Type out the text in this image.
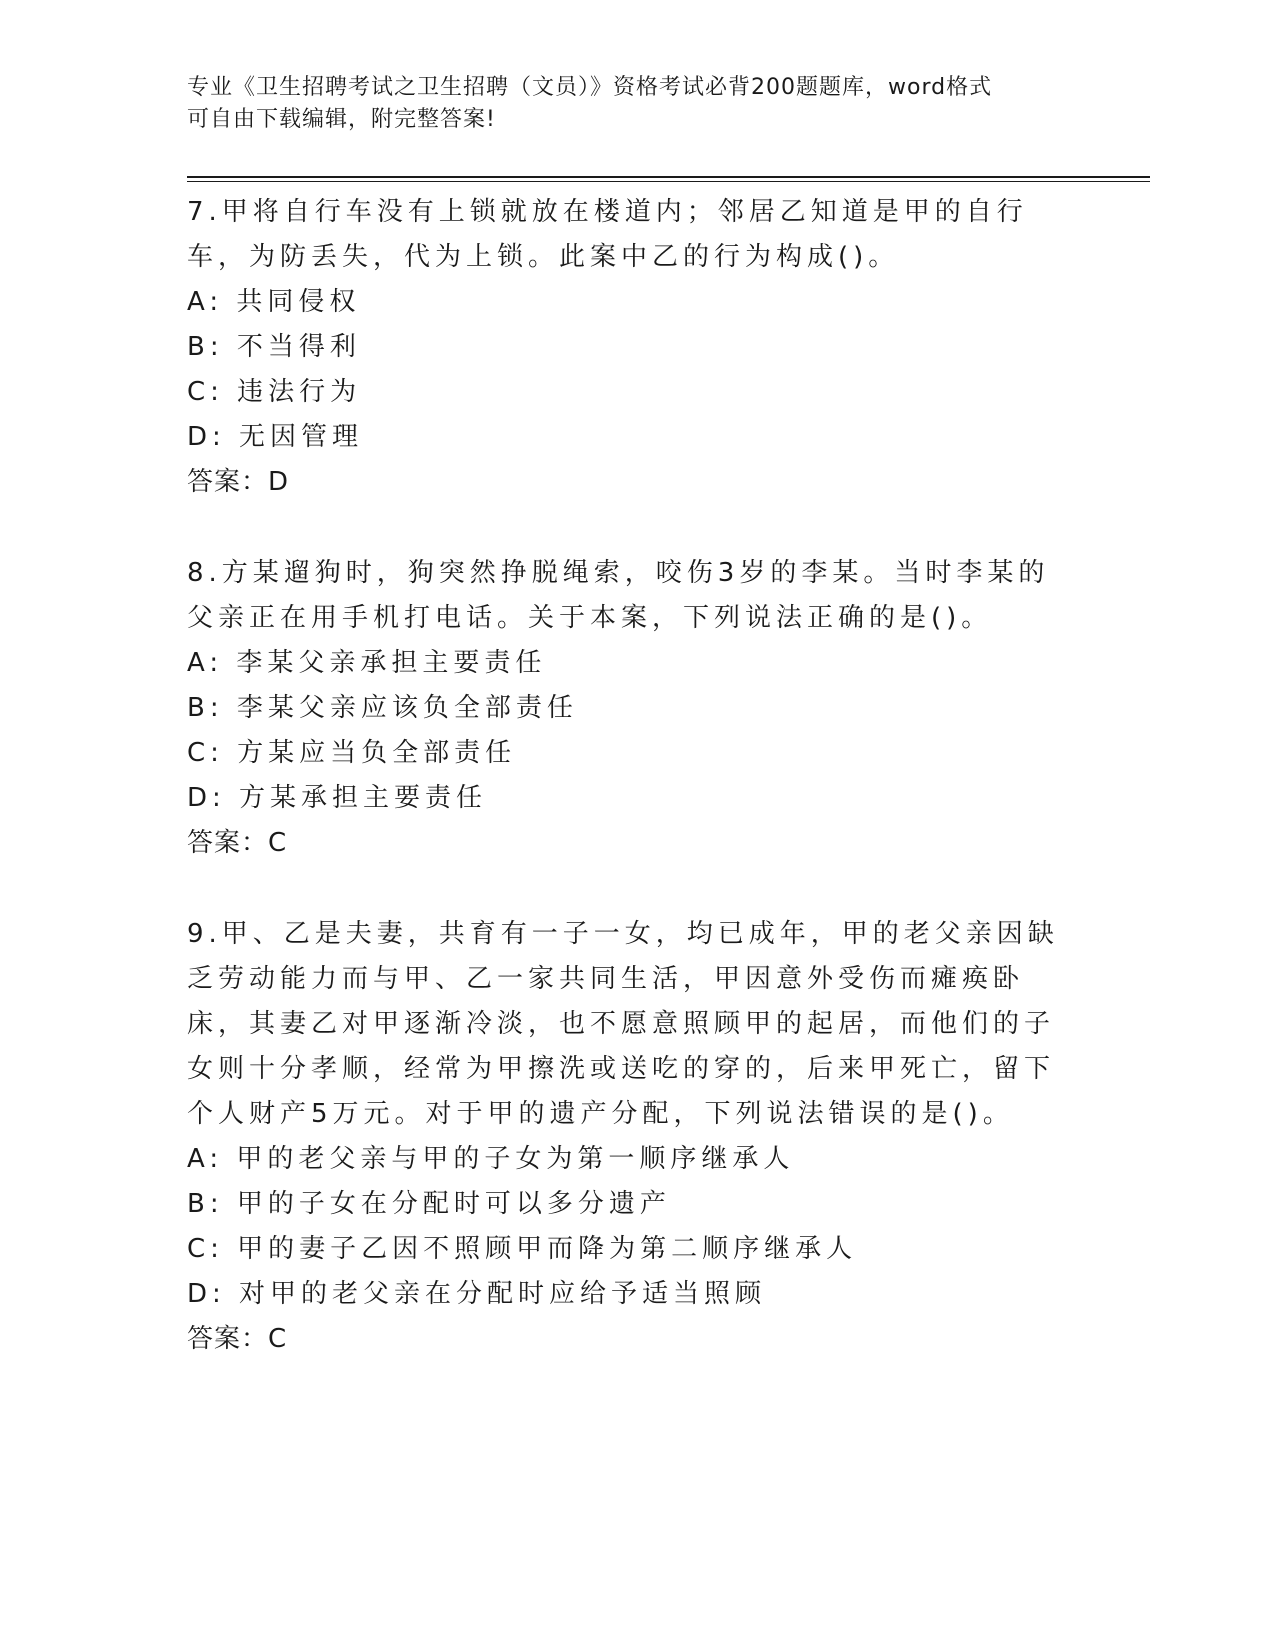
专业《卫生招聘考试之卫生招聘（文员）》资格考试必背200题题库，word格式
可自由下载编辑，附完整答案!
7.甲将自行车没有上锁就放在楼道内；邻居乙知道是甲的自行车，为防丢失，代为上锁。此案中乙的行为构成()。
A: 共同侵权
B: 不当得利
C: 违法行为
D: 无因管理
答案：D
8.方某遛狗时，狗突然挣脱绳索，咬伤3岁的李某。当时李某的父亲正在用手机打电话。关于本案，下列说法正确的是()。
A: 李某父亲承担主要责任
B: 李某父亲应该负全部责任
C: 方某应当负全部责任
D: 方某承担主要责任
答案：C
9.甲、乙是夫妻，共育有一子一女，均已成年，甲的老父亲因缺乏劳动能力而与甲、乙一家共同生活，甲因意外受伤而瘫痪卧床，其妻乙对甲逐渐冷淡，也不愿意照顾甲的起居，而他们的子女则十分孝顺，经常为甲擦洗或送吃的穿的，后来甲死亡，留下个人财产5万元。对于甲的遗产分配，下列说法错误的是()。
A: 甲的老父亲与甲的子女为第一顺序继承人
B: 甲的子女在分配时可以多分遗产
C: 甲的妻子乙因不照顾甲而降为第二顺序继承人
D: 对甲的老父亲在分配时应给予适当照顾
答案：C
